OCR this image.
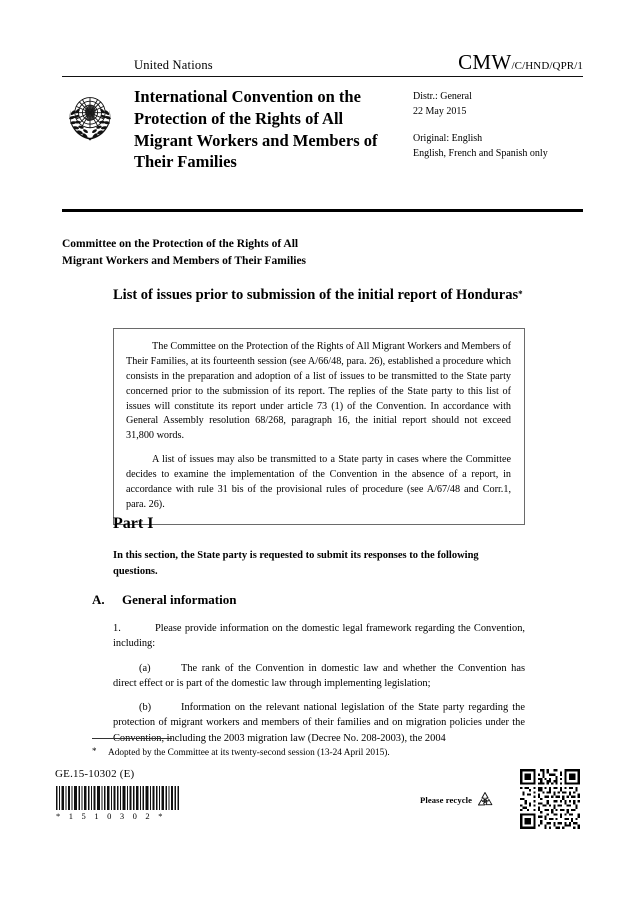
United Nations	CMW/C/HND/QPR/1
International Convention on the Protection of the Rights of All Migrant Workers and Members of Their Families
Distr.: General
22 May 2015
Original: English
English, French and Spanish only
Committee on the Protection of the Rights of All
Migrant Workers and Members of Their Families
List of issues prior to submission of the initial report of Honduras*

The Committee on the Protection of the Rights of All Migrant Workers and Members of Their Families, at its fourteenth session (see A/66/48, para. 26), established a procedure which consists in the preparation and adoption of a list of issues to be transmitted to the State party concerned prior to the submission of its report. The replies of the State party to this list of issues will constitute its report under article 73 (1) of the Convention. In accordance with General Assembly resolution 68/268, paragraph 16, the initial report should not exceed 31,800 words.

A list of issues may also be transmitted to a State party in cases where the Committee decides to examine the implementation of the Convention in the absence of a report, in accordance with rule 31 bis of the provisional rules of procedure (see A/67/48 and Corr.1, para. 26).

Part I
In this section, the State party is requested to submit its responses to the following questions.
A. General information

1.	Please provide information on the domestic legal framework regarding the Convention, including:

(a)	The rank of the Convention in domestic law and whether the Convention has direct effect or is part of the domestic law through implementing legislation;

(b)	Information on the relevant national legislation of the State party regarding the protection of migrant workers and members of their families and on migration policies under the Convention, including the 2003 migration law (Decree No. 208-2003), the 2004

* Adopted by the Committee at its twenty-second session (13-24 April 2015).
GE.15-10302 (E)
* 1 5 1 0 3 0 2 *
Please recycle
